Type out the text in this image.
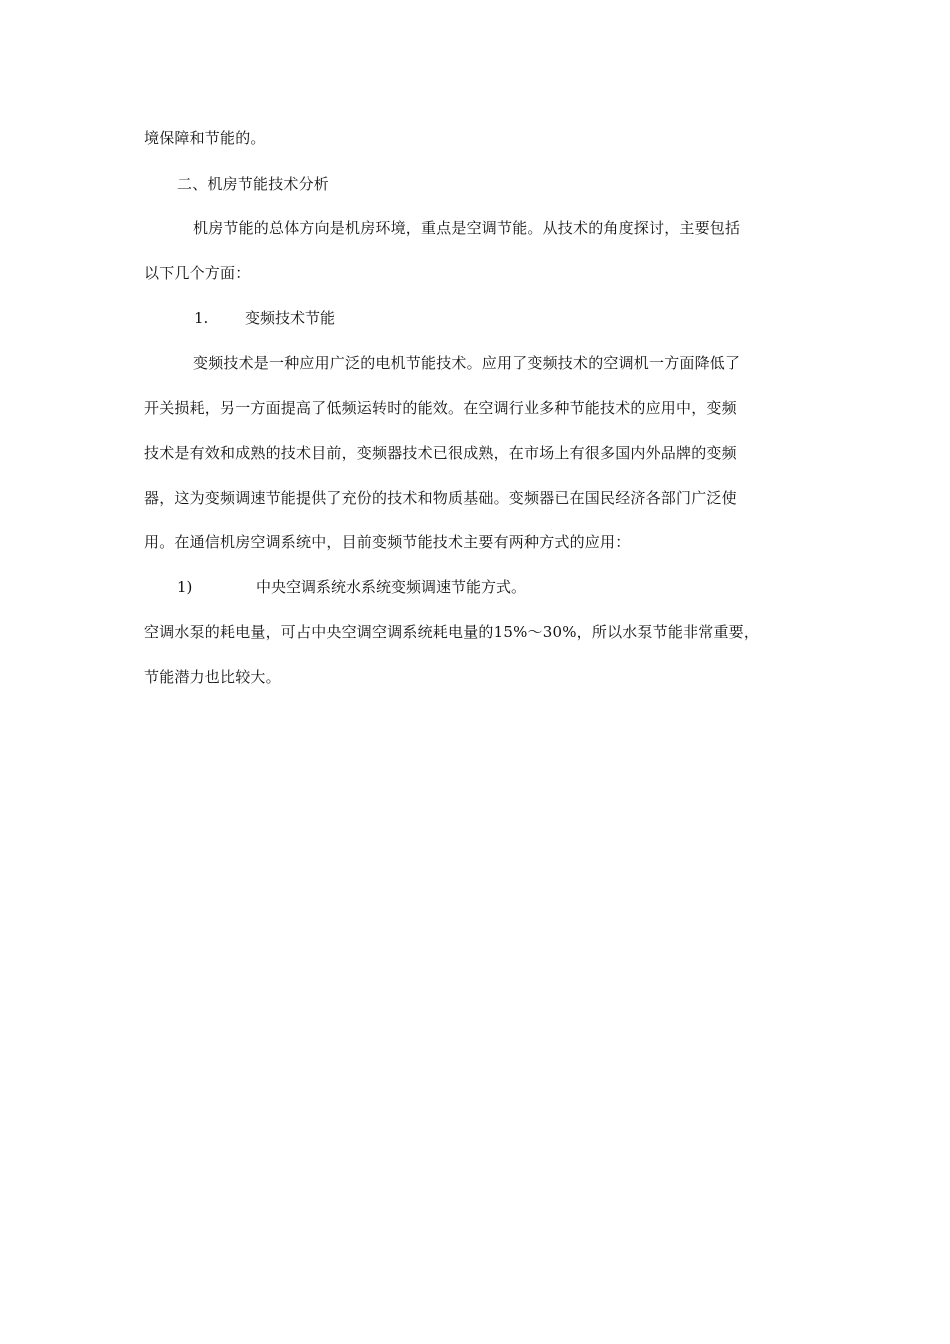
境保障和节能的。
二、机房节能技术分析
机房节能的总体方向是机房环境，重点是空调节能。从技术的角度探讨，主要包括
以下几个方面：
1. 变频技术节能
变频技术是一种应用广泛的电机节能技术。应用了变频技术的空调机一方面降低了
开关损耗，另一方面提高了低频运转时的能效。在空调行业多种节能技术的应用中，变频
技术是有效和成熟的技术目前，变频器技术已很成熟，在市场上有很多国内外品牌的变频
器，这为变频调速节能提供了充份的技术和物质基础。变频器已在国民经济各部门广泛使
用。在通信机房空调系统中，目前变频节能技术主要有两种方式的应用：
1)	中央空调系统水系统变频调速节能方式。
空调水泵的耗电量，可占中央空调空调系统耗电量的15%～30%，所以水泵节能非常重要，
节能潜力也比较大。
